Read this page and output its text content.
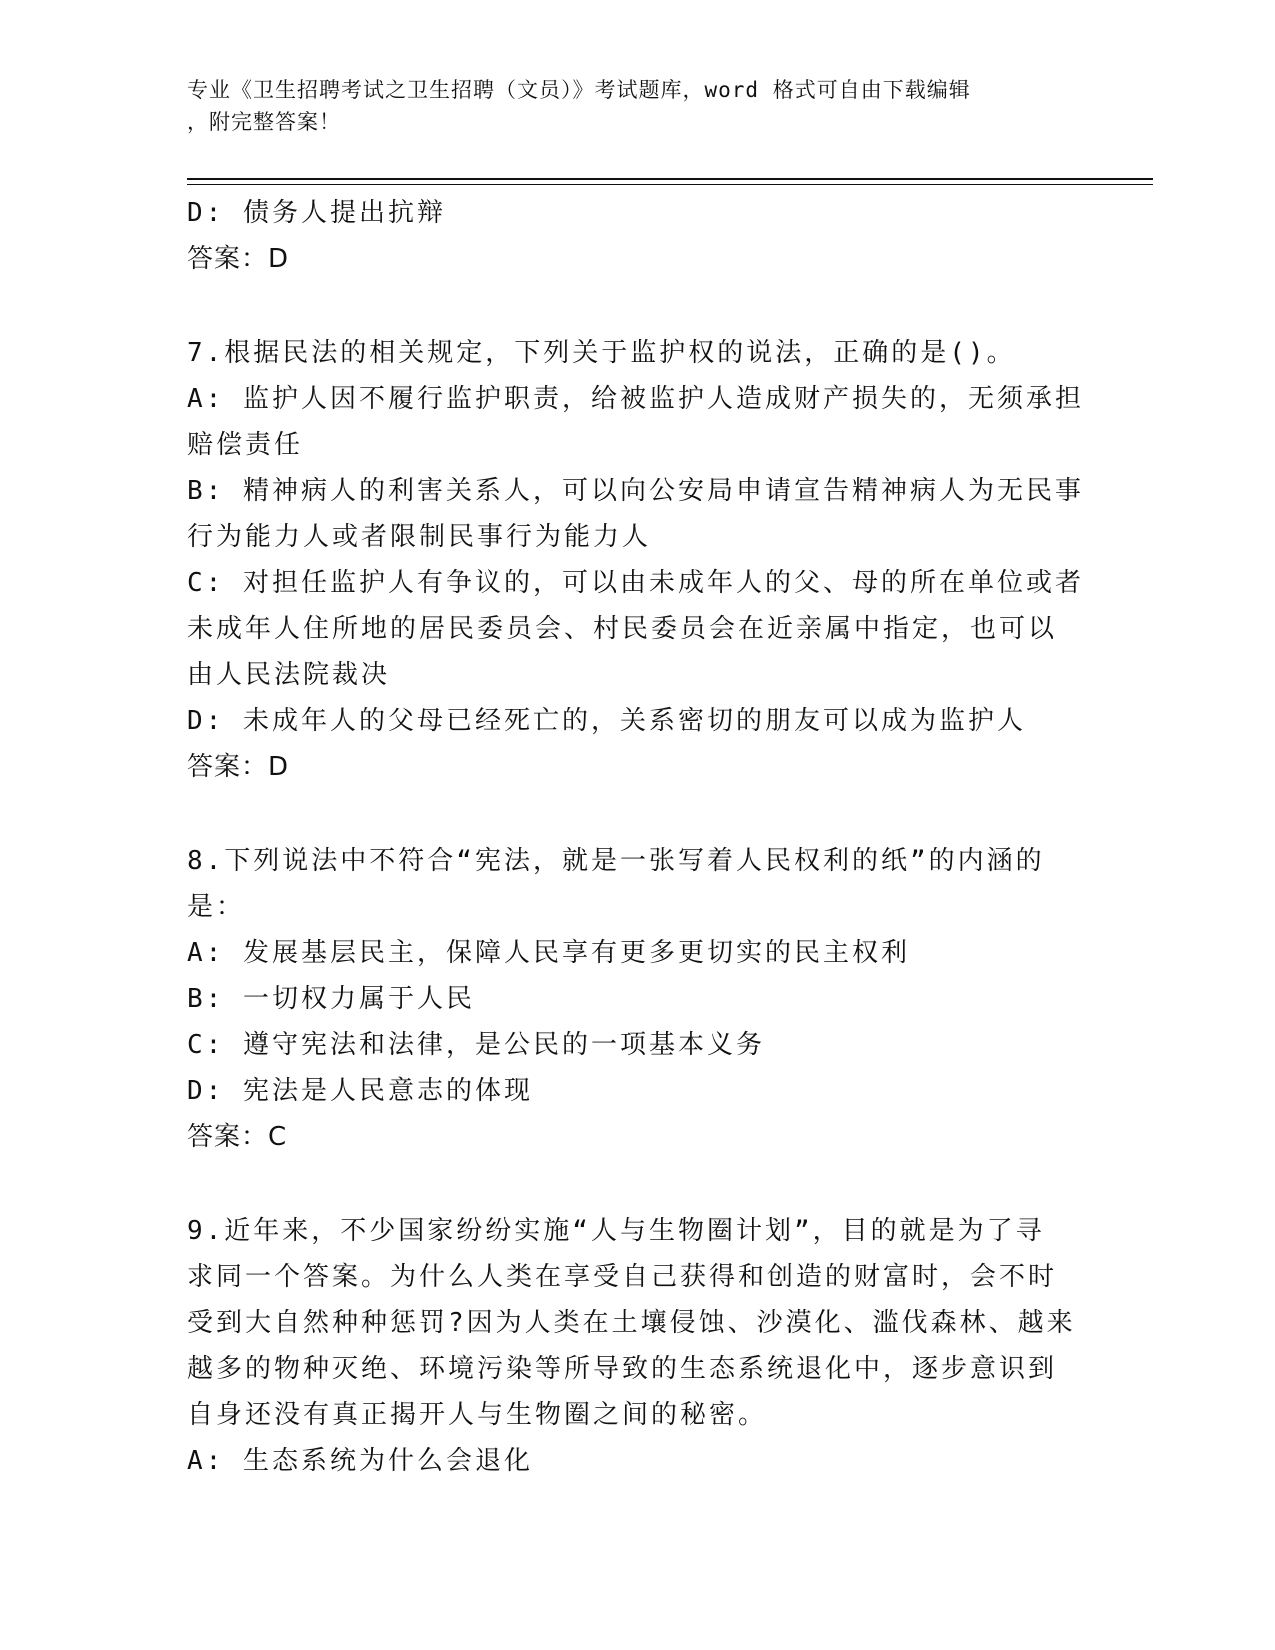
专业《卫生招聘考试之卫生招聘（文员）》考试题库，word 格式可自由下载编辑
，附完整答案！
D: 债务人提出抗辩
答案：D
7.根据民法的相关规定，下列关于监护权的说法，正确的是()。
A: 监护人因不履行监护职责，给被监护人造成财产损失的，无须承担
赔偿责任
B: 精神病人的利害关系人，可以向公安局申请宣告精神病人为无民事
行为能力人或者限制民事行为能力人
C: 对担任监护人有争议的，可以由未成年人的父、母的所在单位或者
未成年人住所地的居民委员会、村民委员会在近亲属中指定，也可以
由人民法院裁决
D: 未成年人的父母已经死亡的，关系密切的朋友可以成为监护人
答案：D
8.下列说法中不符合“宪法，就是一张写着人民权利的纸”的内涵的
是：
A: 发展基层民主，保障人民享有更多更切实的民主权利
B: 一切权力属于人民
C: 遵守宪法和法律，是公民的一项基本义务
D: 宪法是人民意志的体现
答案：C
9.近年来，不少国家纷纷实施“人与生物圈计划”，目的就是为了寻
求同一个答案。为什么人类在享受自己获得和创造的财富时，会不时
受到大自然种种惩罚?因为人类在土壤侵蚀、沙漠化、滥伐森林、越来
越多的物种灭绝、环境污染等所导致的生态系统退化中，逐步意识到
自身还没有真正揭开人与生物圈之间的秘密。
A: 生态系统为什么会退化
